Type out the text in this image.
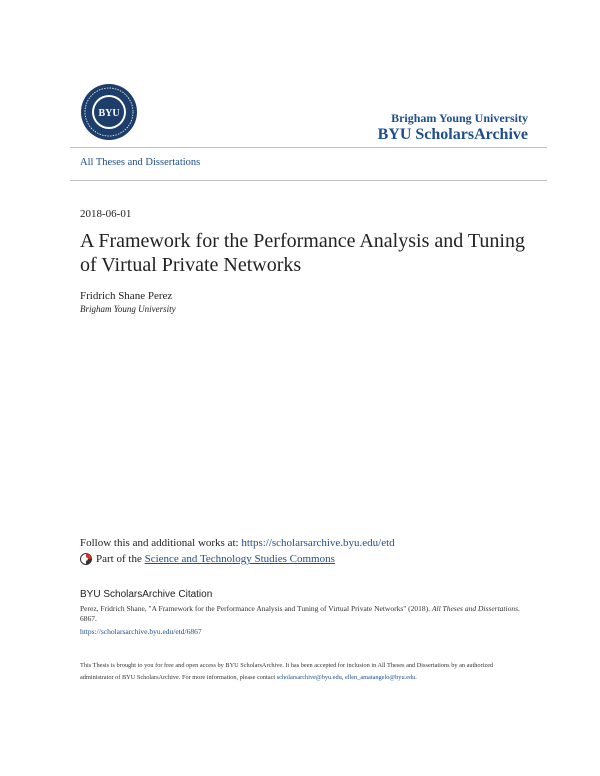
BYU	Brigham Young University
BYU ScholarsArchive
All Theses and Dissertations
2018-06-01
A Framework for the Performance Analysis and Tuning of Virtual Private Networks
Fridrich Shane Perez
Brigham Young University
Follow this and additional works at: https://scholarsarchive.byu.edu/etd
Part of the
Science and Technology Studies Commons
BYU ScholarsArchive Citation
Perez, Fridrich Shane, "A Framework for the Performance Analysis and Tuning of Virtual Private Networks" (2018). All Theses and Dissertations. 6867.
https://scholarsarchive.byu.edu/etd/6867
This Thesis is brought to you for free and open access by BYU ScholarsArchive. It has been accepted for inclusion in All Theses and Dissertations by an authorized administrator of BYU ScholarsArchive. For more information, please contact scholarsarchive@byu.edu, ellen_amatangelo@byu.edu.
